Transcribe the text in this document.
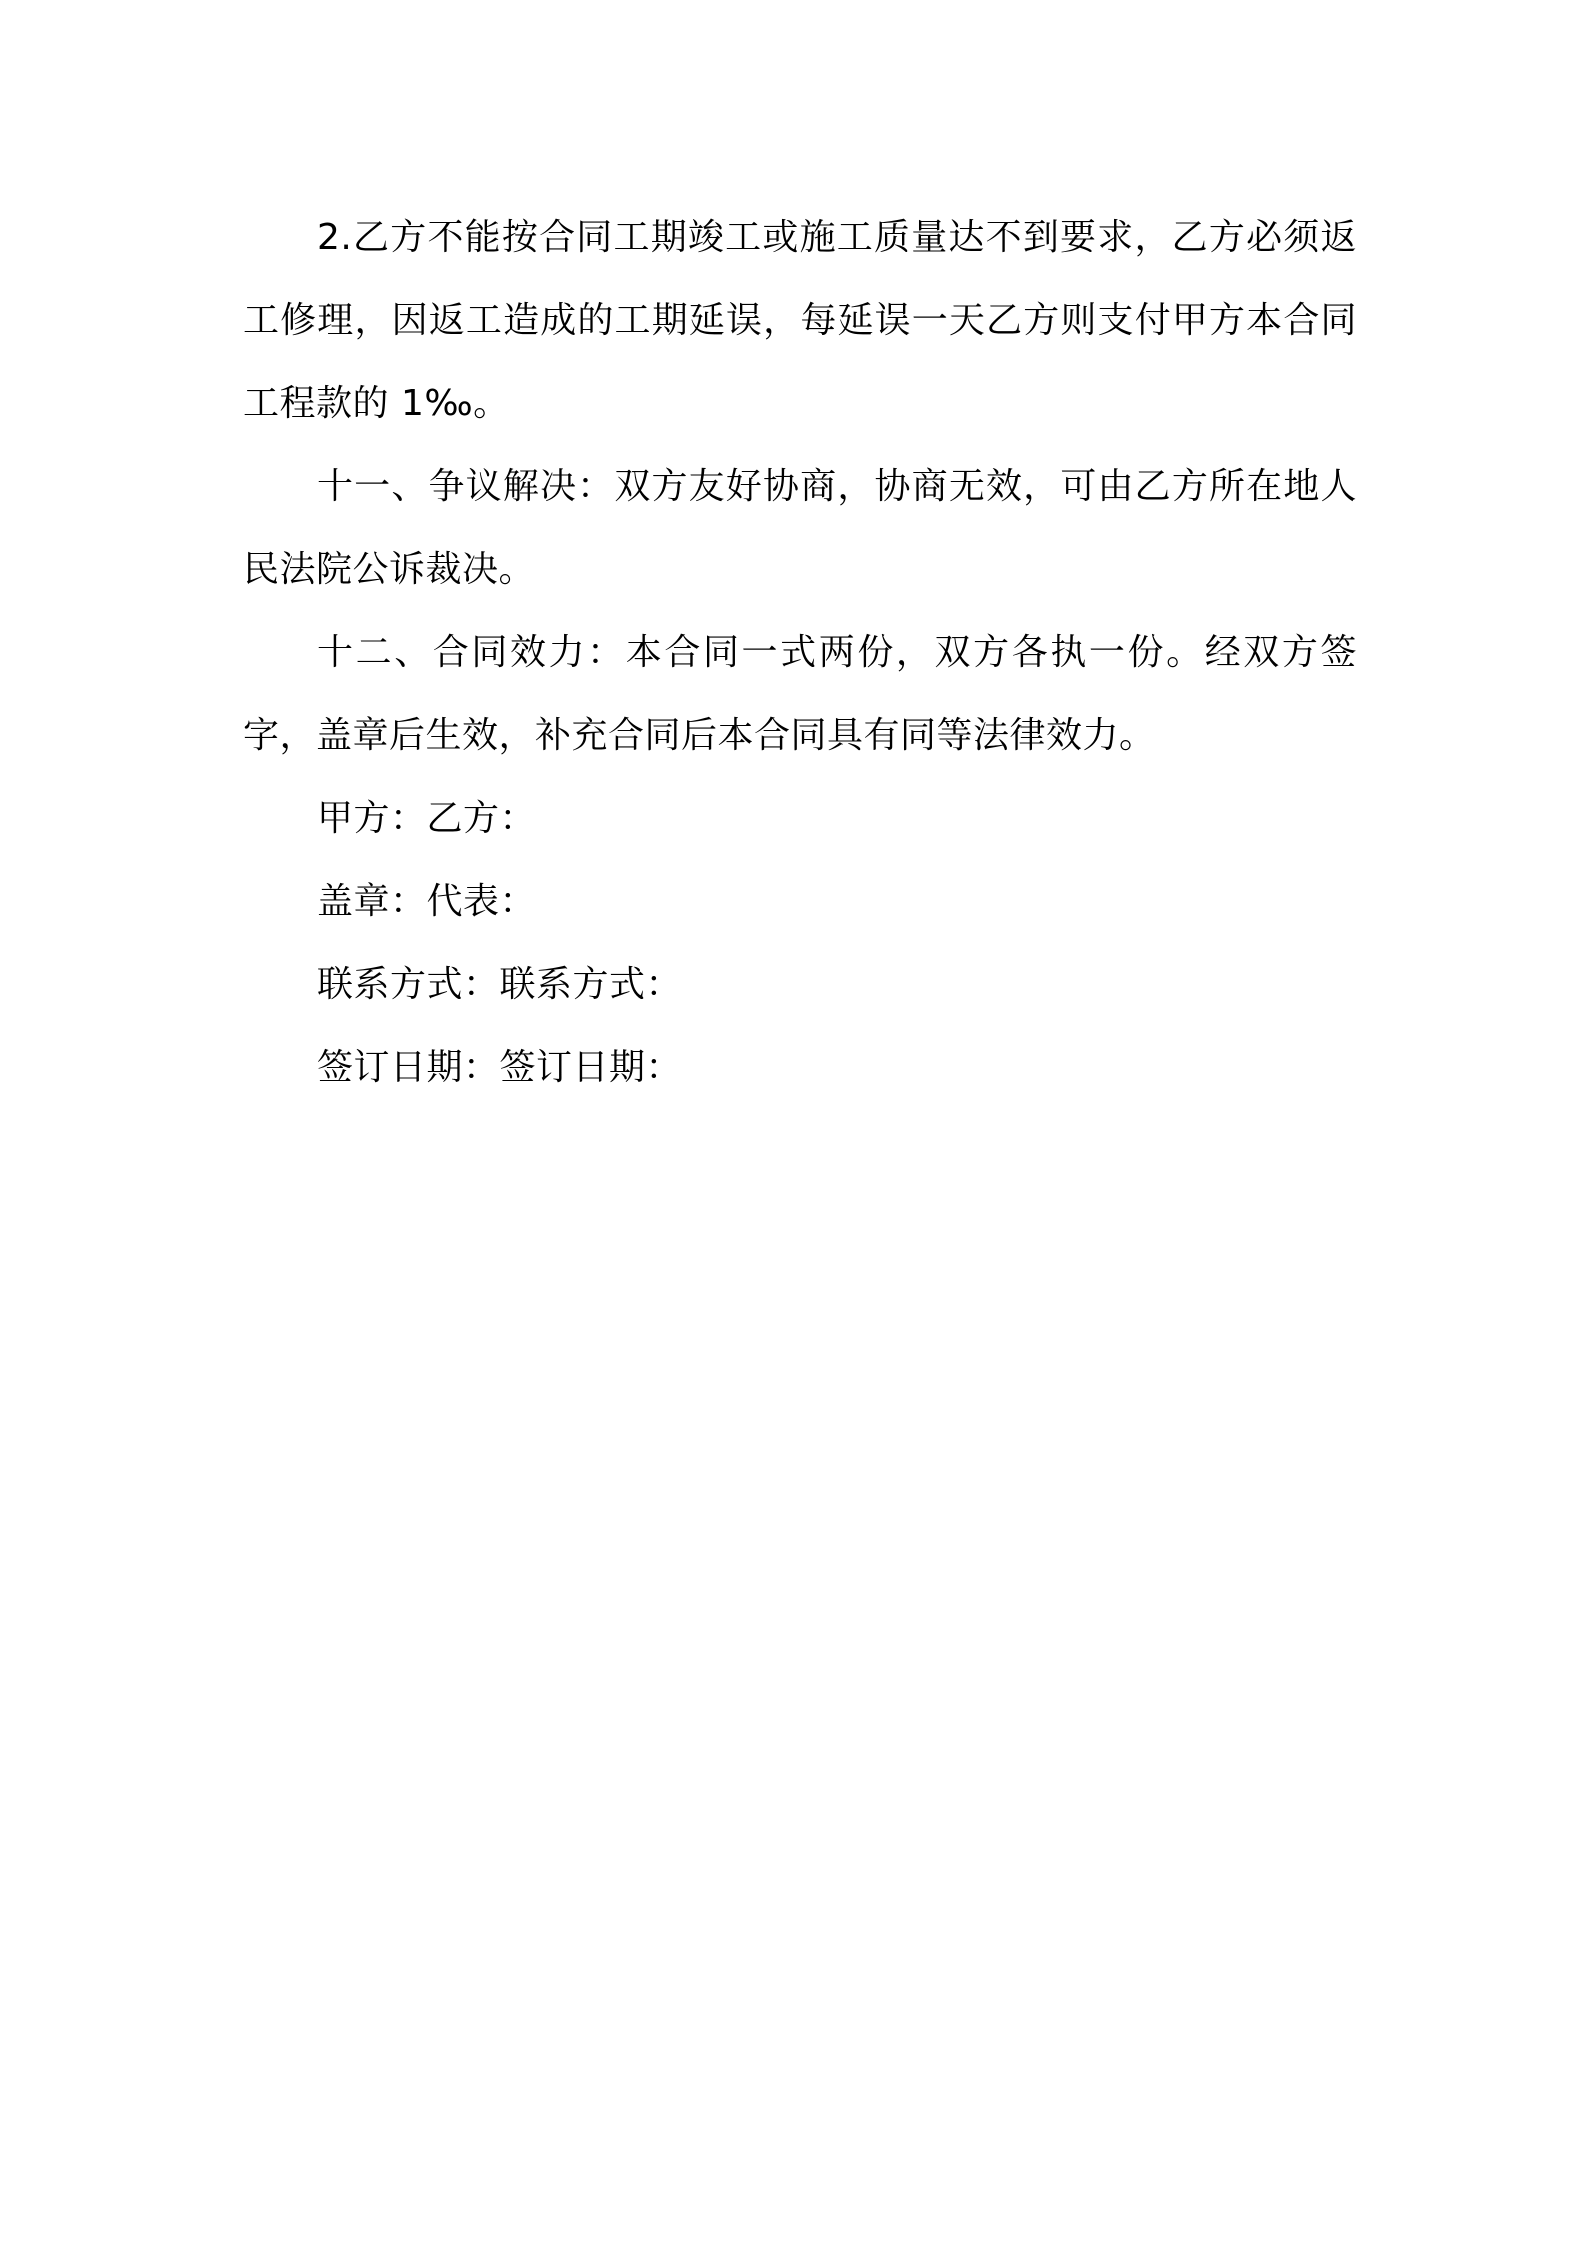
2.乙方不能按合同工期竣工或施工质量达不到要求，乙方必须返工修理，因返工造成的工期延误，每延误一天乙方则支付甲方本合同工程款的 1‰。

十一、争议解决：双方友好协商，协商无效，可由乙方所在地人民法院公诉裁决。

十二、合同效力：本合同一式两份，双方各执一份。经双方签字，盖章后生效，补充合同后本合同具有同等法律效力。

甲方：乙方：

盖章：代表：

联系方式：联系方式：

签订日期：签订日期：
